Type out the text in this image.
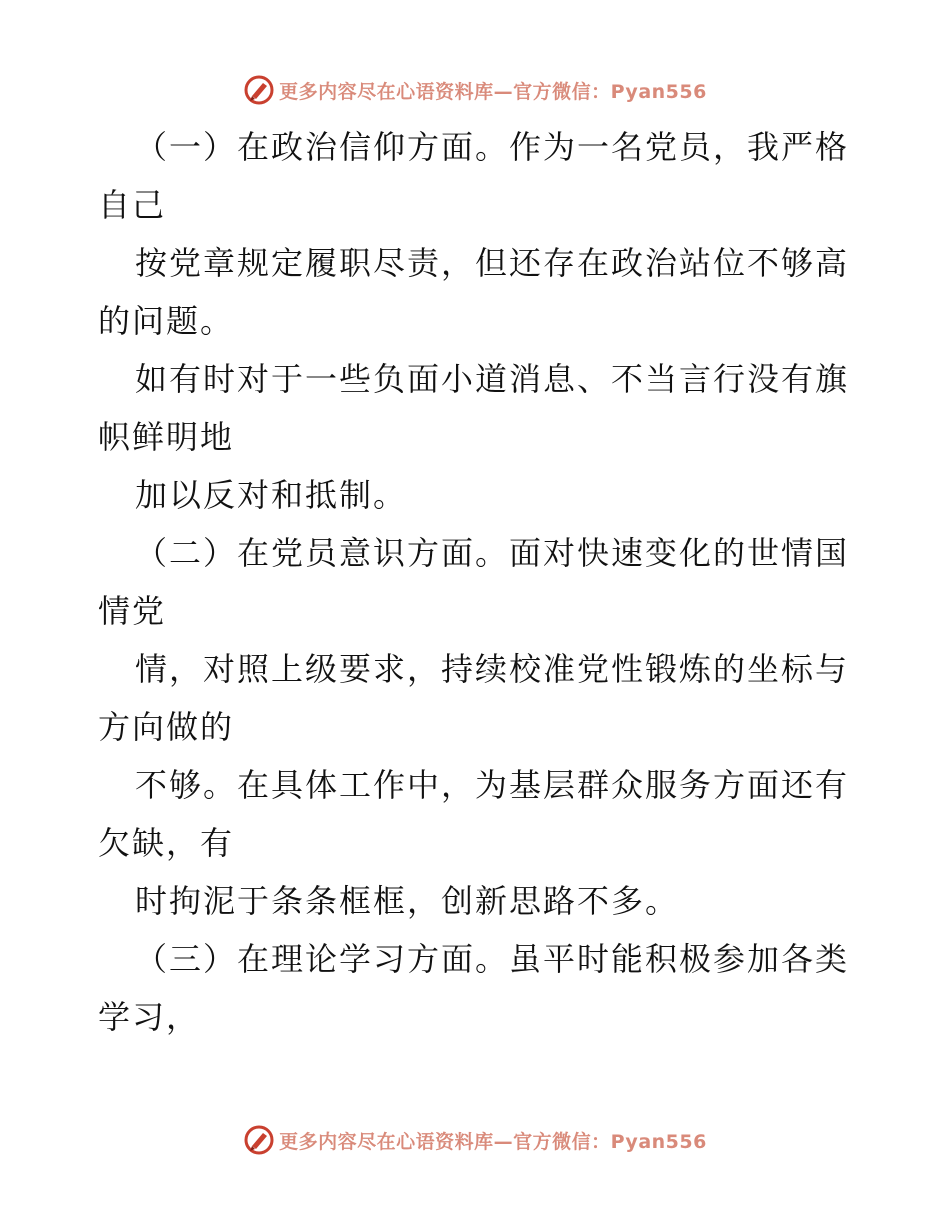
更多内容尽在心语资料库—官方微信：Pyan556
（一）在政治信仰方面。作为一名党员，我严格
自己
按党章规定履职尽责，但还存在政治站位不够高
的问题。
如有时对于一些负面小道消息、不当言行没有旗
帜鲜明地
加以反对和抵制。
（二）在党员意识方面。面对快速变化的世情国
情党
情，对照上级要求，持续校准党性锻炼的坐标与
方向做的
不够。在具体工作中，为基层群众服务方面还有
欠缺，有
时拘泥于条条框框，创新思路不多。
（三）在理论学习方面。虽平时能积极参加各类
学习，
更多内容尽在心语资料库—官方微信：Pyan556
